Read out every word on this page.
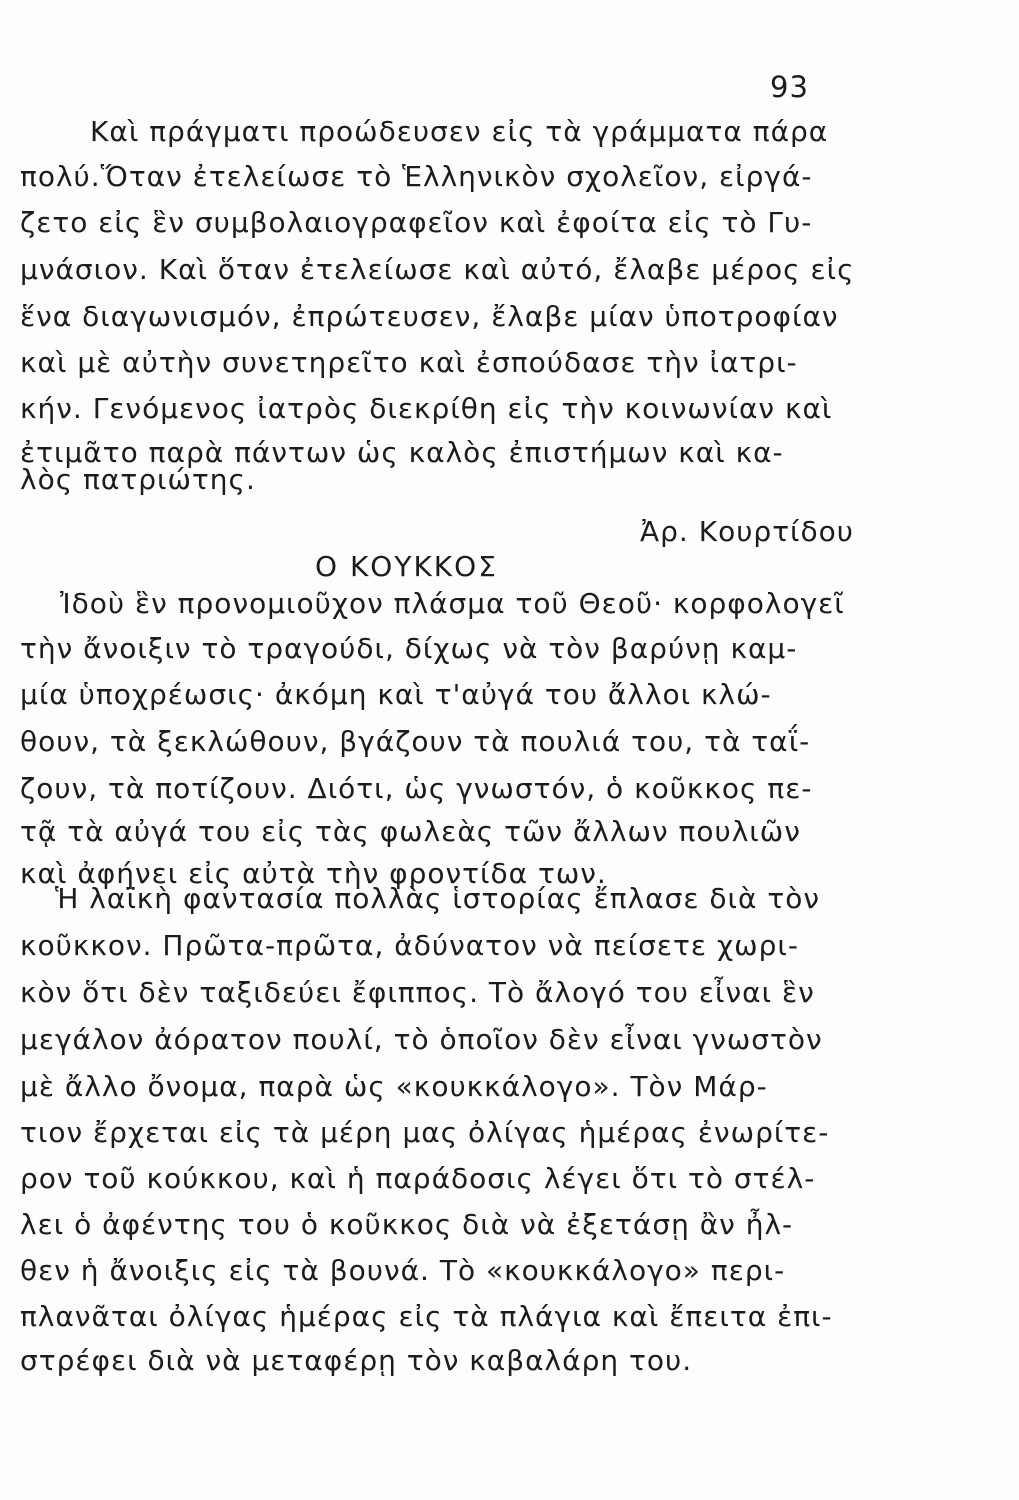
93
Καὶ πράγματι προώδευσεν εἰς τὰ γράμματα πάρα
πολύ.Ὅταν ἐτελείωσε τὸ Ἑλληνικὸν σχολεῖον, εἰργά-
ζετο εἰς ἓν συμβολαιογραφεῖον καὶ ἐφοίτα εἰς τὸ Γυ-
μνάσιον. Καὶ ὅταν ἐτελείωσε καὶ αὐτό, ἔλαβε μέρος εἰς
ἕνα διαγωνισμόν, ἐπρώτευσεν, ἔλαβε μίαν ὑποτροφίαν
καὶ μὲ αὐτὴν συνετηρεῖτο καὶ ἐσπούδασε τὴν ἰατρι-
κήν. Γενόμενος ἰατρὸς διεκρίθη εἰς τὴν κοινωνίαν καὶ
ἐτιμᾶτο παρὰ πάντων ὡς καλὸς ἐπιστήμων καὶ κα-
λὸς πατριώτης.
Ἀρ. Κουρτίδου
Ο ΚΟΥΚΚΟΣ
Ἰδοὺ ἓν προνομιοῦχον πλάσμα τοῦ Θεοῦ· κορφολογεῖ
τὴν ἄνοιξιν τὸ τραγούδι, δίχως νὰ τὸν βαρύνῃ καμ-
μία ὑποχρέωσις· ἀκόμη καὶ τ'αὐγά του ἄλλοι κλώ-
θουν, τὰ ξεκλώθουν, βγάζουν τὰ πουλιά του, τὰ ταΐ-
ζουν, τὰ ποτίζουν. Διότι, ὡς γνωστόν, ὁ κοῦκκος πε-
τᾷ τὰ αὐγά του εἰς τὰς φωλεὰς τῶν ἄλλων πουλιῶν
καὶ ἀφήνει εἰς αὐτὰ τὴν φροντίδα των.
Ἡ λαϊκὴ φαντασία πολλὰς ἱστορίας ἔπλασε διὰ τὸν
κοῦκκον. Πρῶτα-πρῶτα, ἀδύνατον νὰ πείσετε χωρι-
κὸν ὅτι δὲν ταξιδεύει ἔφιππος. Τὸ ἄλογό του εἶναι ἓν
μεγάλον ἀόρατον πουλί, τὸ ὁποῖον δὲν εἶναι γνωστὸν
μὲ ἄλλο ὄνομα, παρὰ ὡς «κουκκάλογο». Τὸν Μάρ-
τιον ἔρχεται εἰς τὰ μέρη μας ὀλίγας ἡμέρας ἐνωρίτε-
ρον τοῦ κούκκου, καὶ ἡ παράδοσις λέγει ὅτι τὸ στέλ-
λει ὁ ἀφέντης του ὁ κοῦκκος διὰ νὰ ἐξετάσῃ ἂν ἦλ-
θεν ἡ ἄνοιξις εἰς τὰ βουνά. Τὸ «κουκκάλογο» περι-
πλανᾶται ὀλίγας ἡμέρας εἰς τὰ πλάγια καὶ ἔπειτα ἐπι-
στρέφει διὰ νὰ μεταφέρῃ τὸν καβαλάρη του.
